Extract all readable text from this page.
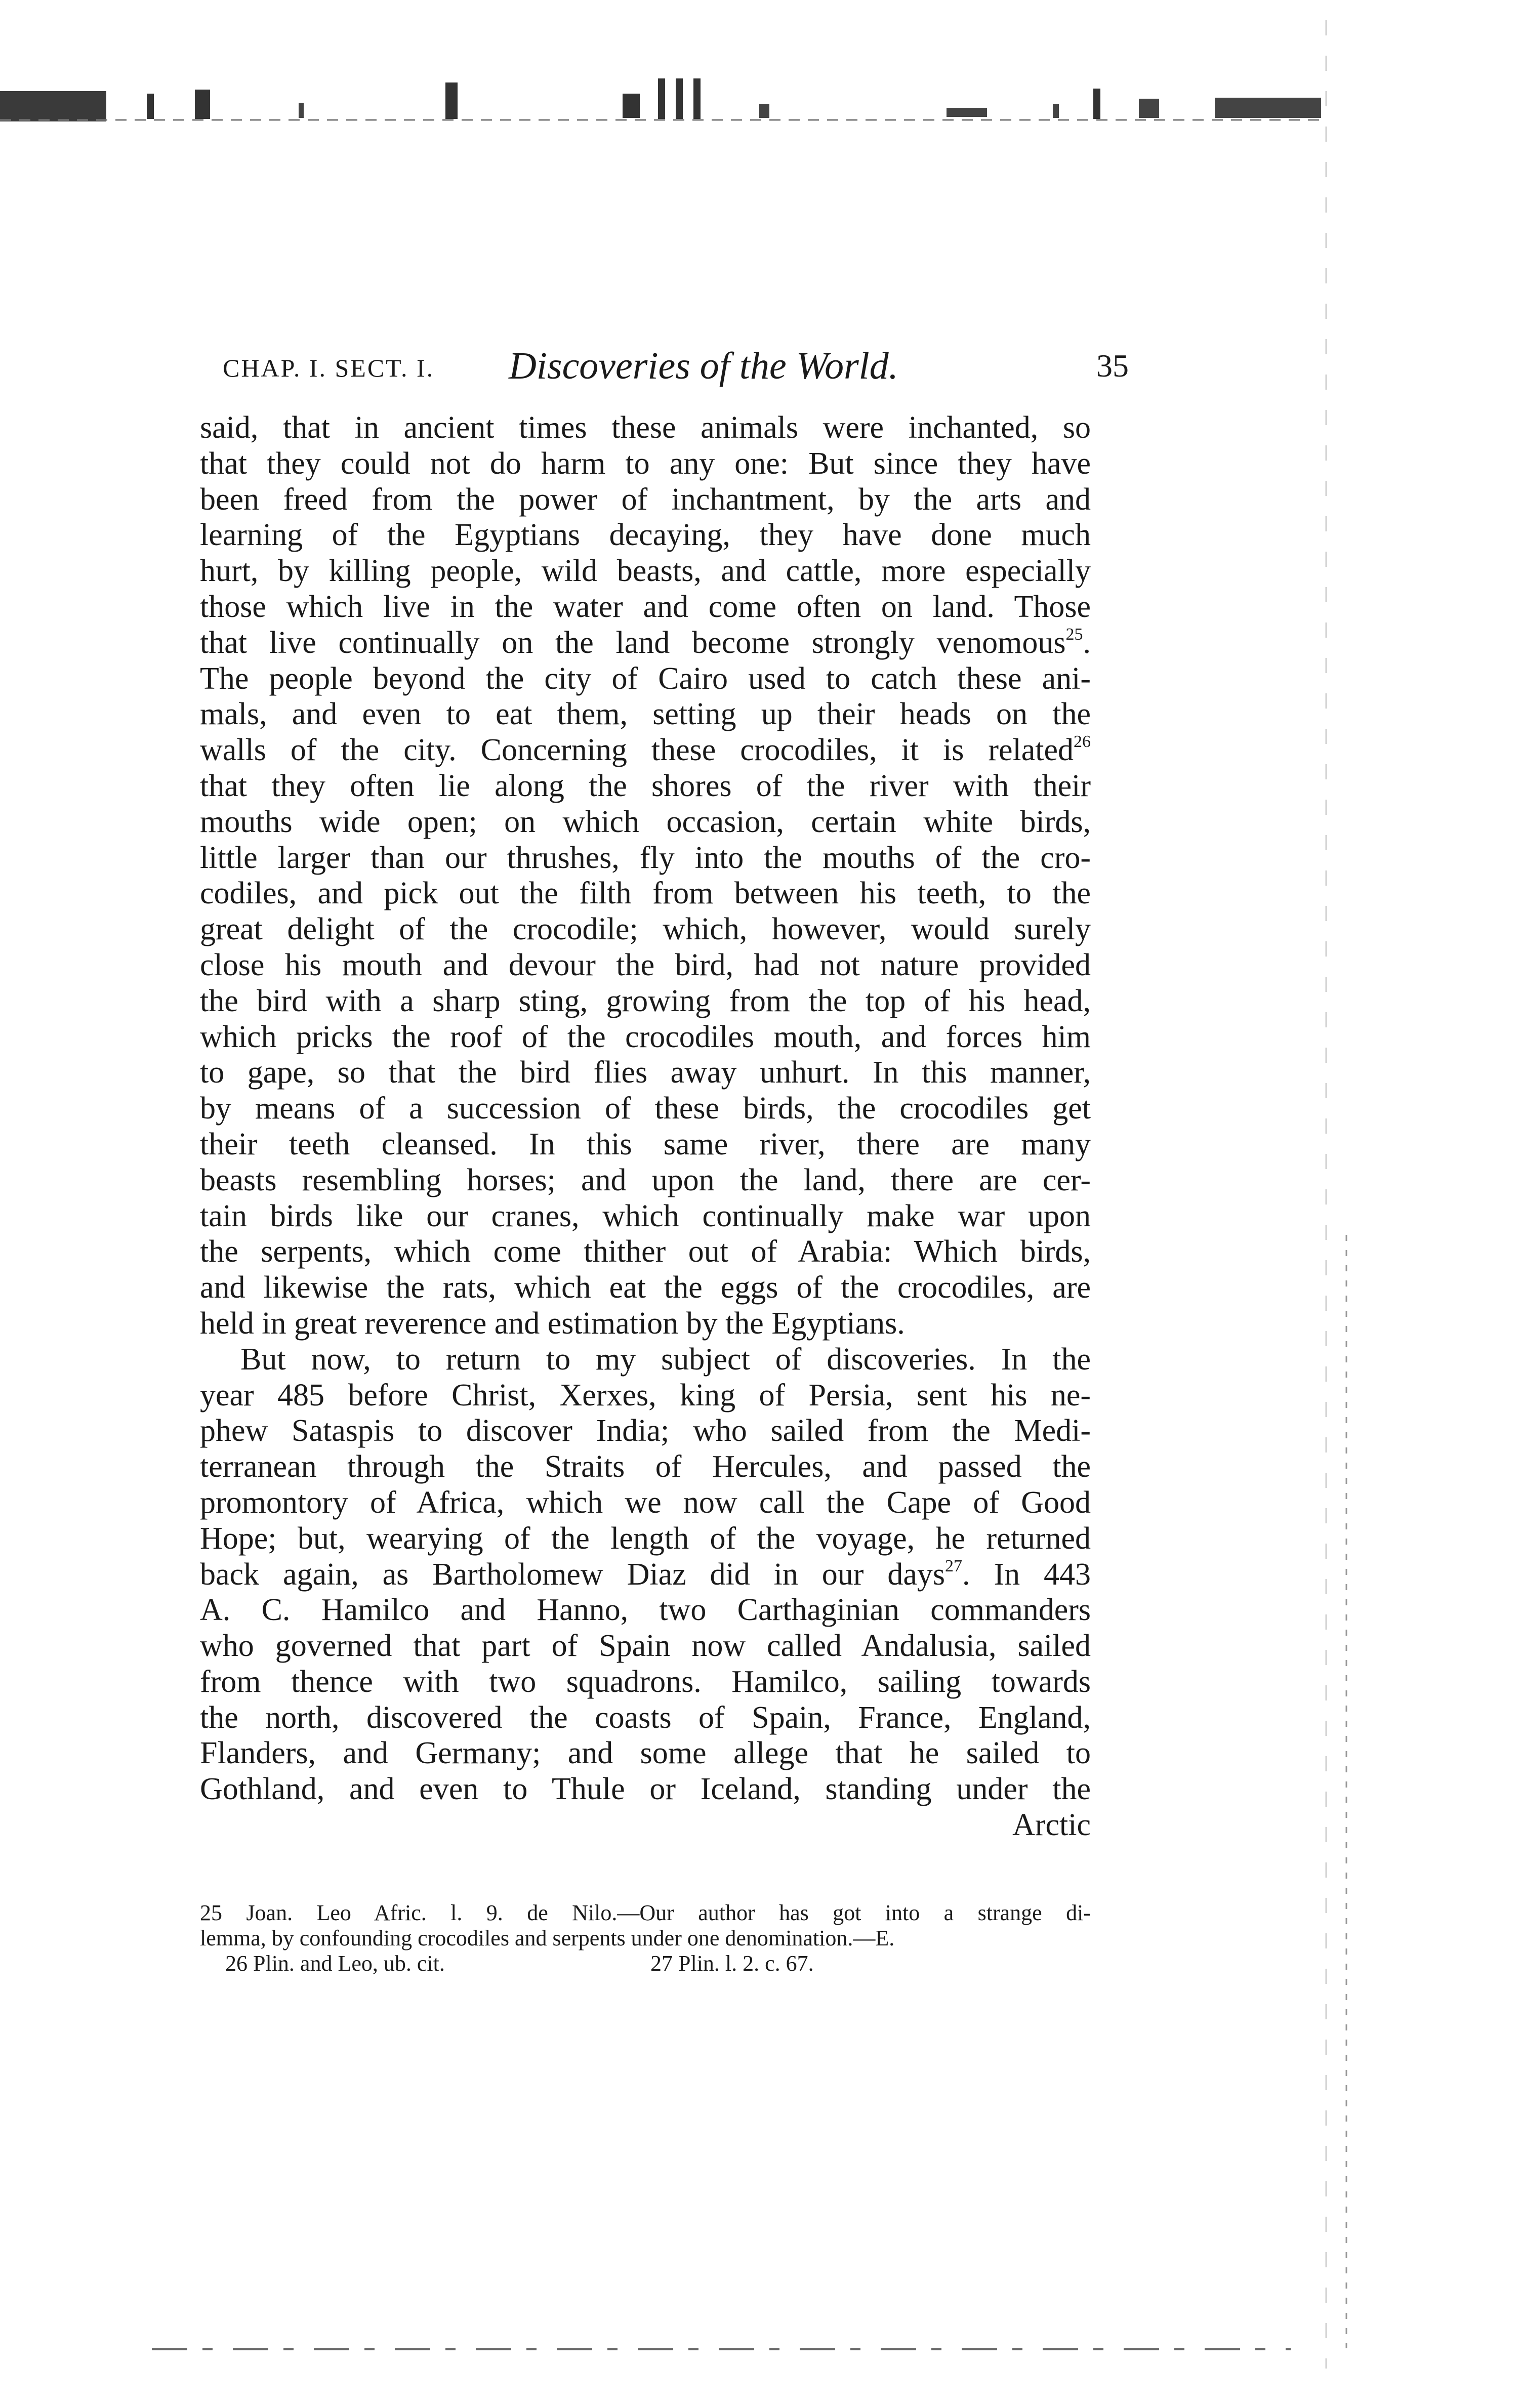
CHAP. I. SECT. I. Discoveries of the World.	35
said, that in ancient times these animals were inchanted, so
that they could not do harm to any one: But since they have
been freed from the power of inchantment, by the arts and
learning of the Egyptians decaying, they have done much
hurt, by killing people, wild beasts, and cattle, more especially
those which live in the water and come often on land. Those
that live continually on the land become strongly venomous$^{25}$.
The people beyond the city of Cairo used to catch these ani-
mals, and even to eat them, setting up their heads on the
walls of the city. Concerning these crocodiles, it is related$^{26}$
that they often lie along the shores of the river with their
mouths wide open; on which occasion, certain white birds,
little larger than our thrushes, fly into the mouths of the cro-
codiles, and pick out the filth from between his teeth, to the
great delight of the crocodile; which, however, would surely
close his mouth and devour the bird, had not nature provided
the bird with a sharp sting, growing from the top of his head,
which pricks the roof of the crocodiles mouth, and forces him
to gape, so that the bird flies away unhurt. In this manner,
by means of a succession of these birds, the crocodiles get
their teeth cleansed. In this same river, there are many
beasts resembling horses; and upon the land, there are cer-
tain birds like our cranes, which continually make war upon
the serpents, which come thither out of Arabia: Which birds,
and likewise the rats, which eat the eggs of the crocodiles, are
held in great reverence and estimation by the Egyptians.
But now, to return to my subject of discoveries. In the
year 485 before Christ, Xerxes, king of Persia, sent his ne-
phew Sataspis to discover India; who sailed from the Medi-
terranean through the Straits of Hercules, and passed the
promontory of Africa, which we now call the Cape of Good
Hope; but, wearying of the length of the voyage, he returned
back again, as Bartholomew Diaz did in our days$^{27}$. In 443
A. C. Hamilco and Hanno, two Carthaginian commanders
who governed that part of Spain now called Andalusia, sailed
from thence with two squadrons. Hamilco, sailing towards
the north, discovered the coasts of Spain, France, England,
Flanders, and Germany; and some allege that he sailed to
Gothland, and even to Thule or Iceland, standing under the
Arctic
25 Joan. Leo Afric. l. 9. de Nilo.—Our author has got into a strange di-
lemma, by confounding crocodiles and serpents under one denomination.—E.
26 Plin. and Leo, ub. cit.	27 Plin. l. 2. c. 67.
